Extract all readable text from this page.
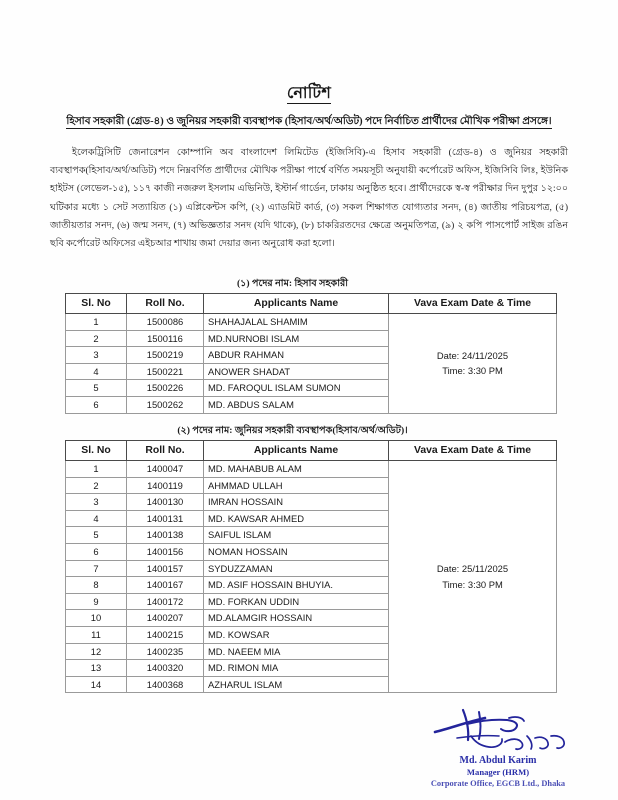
নোটিশ
হিসাব সহকারী (গ্রেড-৪) ও জুনিয়র সহকারী ব্যবস্থাপক (হিসাব/অর্থ/অডিট) পদে নির্বাচিত প্রার্থীদের মৌখিক পরীক্ষা প্রসঙ্গে।

ইলেকট্রিসিটি জেনারেশন কোম্পানি অব বাংলাদেশ লিমিটেড (ইজিসিবি)-এ হিসাব সহকারী (গ্রেড-৪) ও জুনিয়র সহকারী ব্যবস্থাপক(হিসাব/অর্থ/অডিট) পদে নিম্নবর্ণিত প্রার্থীদের মৌখিক পরীক্ষা পার্শ্বে বর্ণিত সময়সূচী অনুযায়ী কর্পোরেট অফিস, ইজিসিবি লিঃ, ইউনিক হাইটস (লেভেল-১৫), ১১৭ কাজী নজরুল ইসলাম এভিনিউ, ইস্টার্ন গার্ডেন, ঢাকায় অনুষ্ঠিত হবে। প্রার্থীদেরকে স্ব-স্ব পরীক্ষার দিন দুপুর ১২:০০ ঘটিকার মধ্যে ১ সেট সত্যায়িত (১) এপ্লিকেন্টস কপি, (২) এ্যাডমিট কার্ড, (৩) সকল শিক্ষাগত যোগ্যতার সনদ, (৪) জাতীয় পরিচয়পত্র, (৫) জাতীয়তার সনদ, (৬) জন্ম সনদ, (৭) অভিজ্ঞতার সনদ (যদি থাকে), (৮) চাকরিরতদের ক্ষেত্রে অনুমতিপত্র, (৯) ২ কপি পাসপোর্ট সাইজ রঙিন ছবি কর্পোরেট অফিসের এইচআর শাখায় জমা দেয়ার জন্য অনুরোধ করা হলো।

(১) পদের নাম: হিসাব সহকারী

Sl. No	Roll No.	Applicants Name	Vava Exam Date & Time
1	1500086	SHAHAJALAL SHAMIM	Date: 24/11/2025
Time: 3:30 PM

2	1500116	MD.NURNOBI ISLAM	
3	1500219	ABDUR RAHMAN	
4	1500221	ANOWER SHADAT	
5	1500226	MD. FAROQUL ISLAM SUMON	
6	1500262	MD. ABDUS SALAM	

(২) পদের নাম: জুনিয়র সহকারী ব্যবস্থাপক(হিসাব/অর্থ/অডিট)।

Sl. No	Roll No.	Applicants Name	Vava Exam Date & Time
1	1400047	MD. MAHABUB ALAM	Date: 25/11/2025
Time: 3:30 PM

2	1400119	AHMMAD ULLAH	
3	1400130	IMRAN HOSSAIN	
4	1400131	MD. KAWSAR AHMED	
5	1400138	SAIFUL ISLAM	
6	1400156	NOMAN HOSSAIN	
7	1400157	SYDUZZAMAN	
8	1400167	MD. ASIF HOSSAIN BHUYIA.	
9	1400172	MD. FORKAN UDDIN	
10	1400207	MD.ALAMGIR HOSSAIN	
11	1400215	MD. KOWSAR	
12	1400235	MD. NAEEM MIA	
13	1400320	MD. RIMON MIA	
14	1400368	AZHARUL ISLAM	
Md. Abdul Karim
Manager (HRM)
Corporate Office, EGCB Ltd., Dhaka
